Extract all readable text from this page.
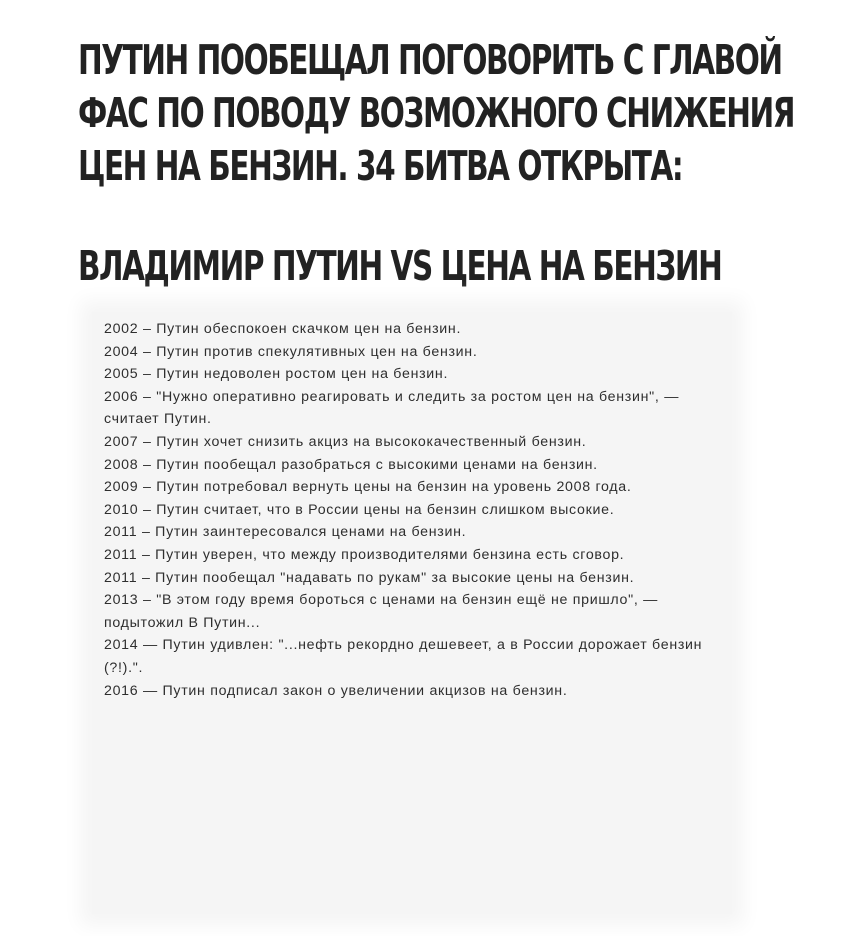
ПУТИН ПООБЕЩАЛ ПОГОВОРИТЬ С ГЛАВОЙ
ФАС ПО ПОВОДУ ВОЗМОЖНОГО СНИЖЕНИЯ
ЦЕН НА БЕНЗИН. 34 БИТВА ОТКРЫТА:
ВЛАДИМИР ПУТИН VS ЦЕНА НА БЕНЗИН
2002 – Путин обеспокоен скачком цен на бензин.
2004 – Путин против спекулятивных цен на бензин.
2005 – Путин недоволен ростом цен на бензин.
2006 – "Нужно оперативно реагировать и следить за ростом цен на бензин", — считает Путин.
2007 – Путин хочет снизить акциз на высококачественный бензин.
2008 – Путин пообещал разобраться с высокими ценами на бензин.
2009 – Путин потребовал вернуть цены на бензин на уровень 2008 года.
2010 – Путин считает, что в России цены на бензин слишком высокие.
2011 – Путин заинтересовался ценами на бензин.
2011 – Путин уверен, что между производителями бензина есть сговор.
2011 – Путин пообещал "надавать по рукам" за высокие цены на бензин.
2013 – "В этом году время бороться с ценами на бензин ещё не пришло", — подытожил В Путин...
2014 — Путин удивлен: "...нефть рекордно дешевеет, а в России дорожает бензин (?!).".
2016 — Путин подписал закон о увеличении акцизов на бензин.
